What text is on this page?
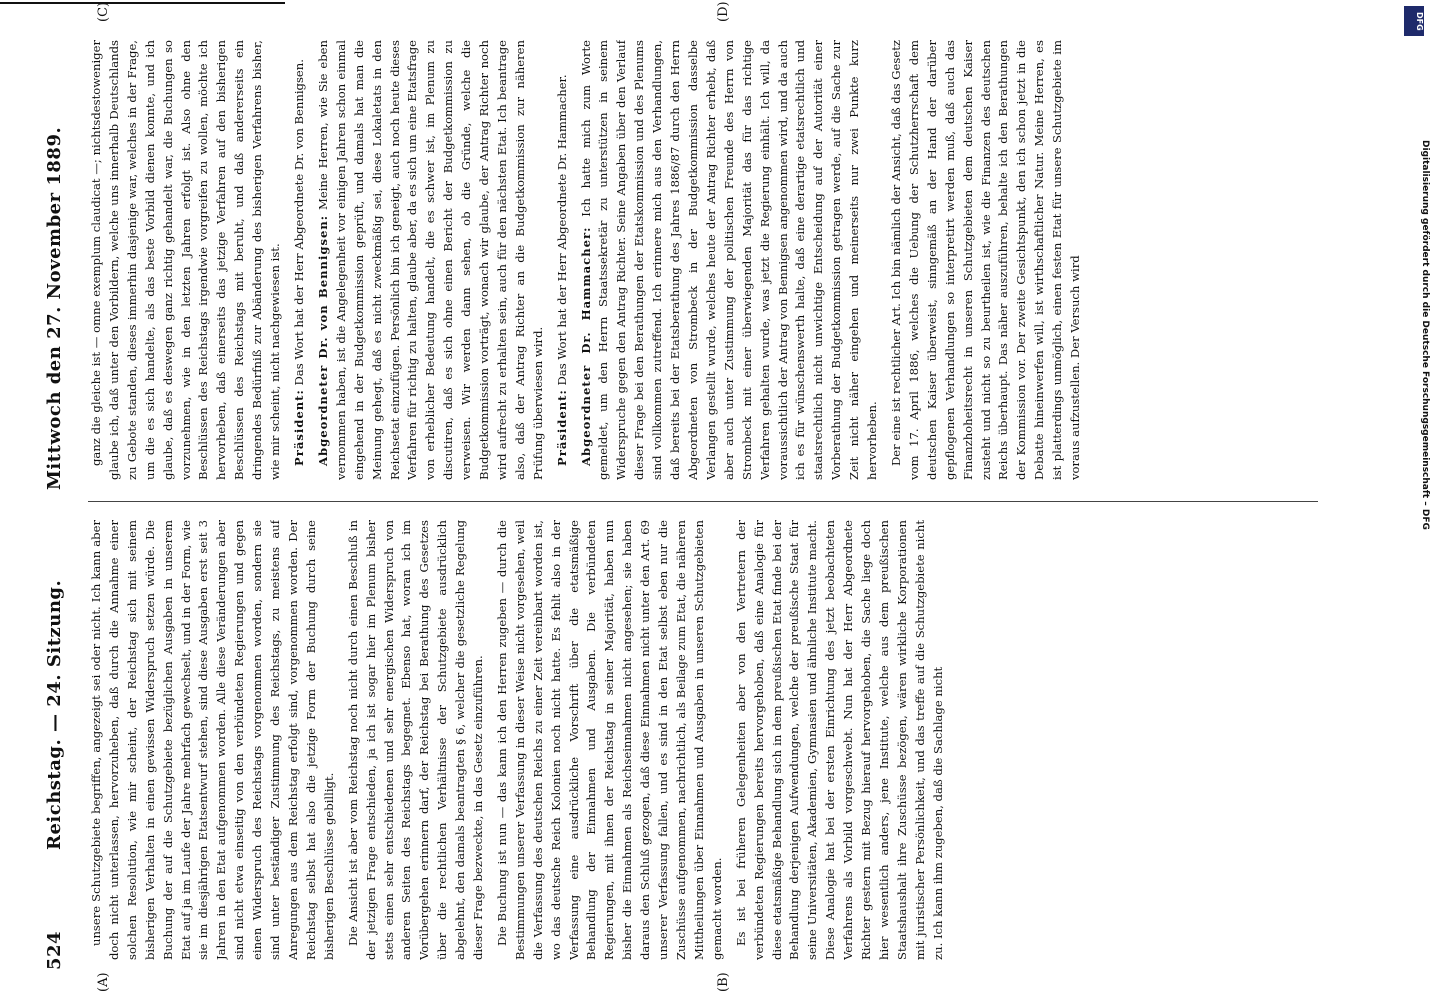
DFG
Digitalisierung gefördert durch die Deutsche Forschungsgemeinschaft – DFG
524
Reichstag. — 24. Sitzung.
Mittwoch den 27. November 1889.
(A)	(B)
(C)	(D)

unsere Schutzgebiete begriffen, angezeigt sei oder nicht. Ich kann aber doch nicht unterlassen, hervorzuheben, daß durch die Annahme einer solchen Resolution, wie mir scheint, der Reichstag sich mit seinem bisherigen Verhalten in einen gewissen Widerspruch setzen würde. Die Buchung der auf die Schutzgebiete bezüglichen Ausgaben in unserem Etat auf ja im Laufe der Jahre mehrfach gewechselt, und in der Form, wie sie im diesjährigen Etatsentwurf stehen, sind diese Ausgaben erst seit 3 Jahren in den Etat aufgenommen worden. Alle diese Veränderungen aber sind nicht etwa einseitig von den verbündeten Regierungen und gegen einen Widerspruch des Reichstags vorgenommen worden, sondern sie sind unter beständiger Zustimmung des Reichstags, zu meistens auf Anregungen aus dem Reichstag erfolgt sind, vorgenommen worden. Der Reichstag selbst hat also die jetzige Form der Buchung durch seine bisherigen Beschlüsse gebilligt. Die Ansicht ist aber vom Reichstag noch nicht durch einen Beschluß in der jetzigen Frage entschieden, ja ich ist sogar hier im Plenum bisher stets einen sehr entschiedenen und sehr energischen Widerspruch von anderen Seiten des Reichstags begegnet. Ebenso hat, woran ich im Vorübergehen erinnern darf, der Reichstag bei Berathung des Gesetzes über die rechtlichen Verhältnisse der Schutzgebiete ausdrücklich abgelehnt, den damals beantragten § 6, welcher die gesetzliche Regelung dieser Frage bezweckte, in das Gesetz einzuführen. Die Buchung ist nun — das kann ich den Herren zugeben — durch die Bestimmungen unserer Verfassung in dieser Weise nicht vorgesehen, weil die Verfassung des deutschen Reichs zu einer Zeit vereinbart worden ist, wo das deutsche Reich Kolonien noch nicht hatte. Es fehlt also in der Verfassung eine ausdrückliche Vorschrift über die etatsmäßige Behandlung der Einnahmen und Ausgaben. Die verbündeten Regierungen, mit ihnen der Reichstag in seiner Majorität, haben nun bisher die Einnahmen als Reichseinnahmen nicht angesehen; sie haben daraus den Schluß gezogen, daß diese Einnahmen nicht unter den Art. 69 unserer Verfassung fallen, und es sind in den Etat selbst eben nur die Zuschüsse aufgenommen, nachrichtlich, als Beilage zum Etat, die näheren Mittheilungen über Einnahmen und Ausgaben in unseren Schutzgebieten gemacht worden. Es ist bei früheren Gelegenheiten aber von den Vertretern der verbündeten Regierungen bereits hervorgehoben, daß eine Analogie für diese etatsmäßige Behandlung sich in dem preußischen Etat finde bei der Behandlung derjenigen Aufwendungen, welche der preußische Staat für seine Universitäten, Akademien, Gymnasien und ähnliche Institute macht. Diese Analogie hat bei der ersten Einrichtung des jetzt beobachteten Verfahrens als Vorbild vorgeschwebt. Nun hat der Herr Abgeordnete Richter gestern mit Bezug hierauf hervorgehoben, die Sache liege doch hier wesentlich anders, jene Institute, welche aus dem preußischen Staatshaushalt ihre Zuschüsse bezögen, wären wirkliche Korporationen mit juristischer Persönlichkeit, und das treffe auf die Schutzgebiete nicht zu. Ich kann ihm zugeben, daß die Sachlage nicht

ganz die gleiche ist — omne exemplum claudicat —; nichtsdestoweniger glaube ich, daß unter den Vorbildern, welche uns innerhalb Deutschlands zu Gebote standen, dieses immerhin dasjenige war, welches in der Frage, um die es sich handelte, als das beste Vorbild dienen konnte, und ich glaube, daß es deswegen ganz richtig gehandelt war, die Buchungen so vorzunehmen, wie in den letzten Jahren erfolgt ist. Also ohne den Beschlüssen des Reichstags irgendwie vorgreifen zu wollen, möchte ich hervorheben, daß einerseits das jetzige Verfahren auf den bisherigen Beschlüssen des Reichstags mit beruht, und daß andererseits ein dringendes Bedürfniß zur Abänderung des bisherigen Verfahrens bisher, wie mir scheint, nicht nachgewiesen ist. Präsident: Das Wort hat der Herr Abgeordnete Dr. von Bennigsen. Abgeordneter Dr. von Bennigsen: Meine Herren, wie Sie eben vernommen haben, ist die Angelegenheit vor einigen Jahren schon einmal eingehend in der Budgetkommission geprüft, und damals hat man die Meinung gehegt, daß es nicht zweckmäßig sei, diese Lokaletats in den Reichsetat einzufügen. Persönlich bin ich geneigt, auch noch heute dieses Verfahren für richtig zu halten, glaube aber, da es sich um eine Etatsfrage von erheblicher Bedeutung handelt, die es schwer ist, im Plenum zu discutiren, daß es sich ohne einen Bericht der Budgetkommission zu verweisen. Wir werden dann sehen, ob die Gründe, welche die Budgetkommission vorträgt, wonach wir glaube, der Antrag Richter noch wird aufrecht zu erhalten sein, auch für den nächsten Etat. Ich beantrage also, daß der Antrag Richter an die Budgetkommission zur näheren Prüfung überwiesen wird. Präsident: Das Wort hat der Herr Abgeordnete Dr. Hammacher. Abgeordneter Dr. Hammacher: Ich hatte mich zum Worte gemeldet, um den Herrn Staatssekretär zu unterstützen in seinem Widerspruche gegen den Antrag Richter. Seine Angaben über den Verlauf dieser Frage bei den Berathungen der Etatskommission und des Plenums sind vollkommen zutreffend. Ich erinnere mich aus den Verhandlungen, daß bereits bei der Etatsberathung des Jahres 1886/87 durch den Herrn Abgeordneten von Strombeck in der Budgetkommission dasselbe Verlangen gestellt wurde, welches heute der Antrag Richter erhebt, daß aber auch unter Zustimmung der politischen Freunde des Herrn von Strombeck mit einer überwiegenden Majorität das für das richtige Verfahren gehalten wurde, was jetzt die Regierung einhält. Ich will, da voraussichtlich der Antrag von Bennigsen angenommen wird, und da auch ich es für wünschenswerth halte, daß eine derartige etatsrechtlich und staatsrechtlich nicht unwichtige Entscheidung auf der Autorität einer Vorberathung der Budgetkommission getragen werde, auf die Sache zur Zeit nicht näher eingehen und meinerseits nur zwei Punkte kurz hervorheben. Der eine ist rechtlicher Art. Ich bin nämlich der Ansicht, daß das Gesetz vom 17. April 1886, welches die Uebung der Schutzherrschaft dem deutschen Kaiser überweist, sinngemäß an der Hand der darüber gepflogenen Verhandlungen so interpretirt werden muß, daß auch das Finanzhoheitsrecht in unseren Schutzgebieten dem deutschen Kaiser zusteht und nicht so zu beurtheilen ist, wie die Finanzen des deutschen Reichs überhaupt. Das näher auszuführen, behalte ich den Berathungen der Kommission vor. Der zweite Gesichtspunkt, den ich schon jetzt in die Debatte hineinwerfen will, ist wirthschaftlicher Natur. Meine Herren, es ist platterdings unmöglich, einen festen Etat für unsere Schutzgebiete im voraus aufzustellen. Der Versuch wird
